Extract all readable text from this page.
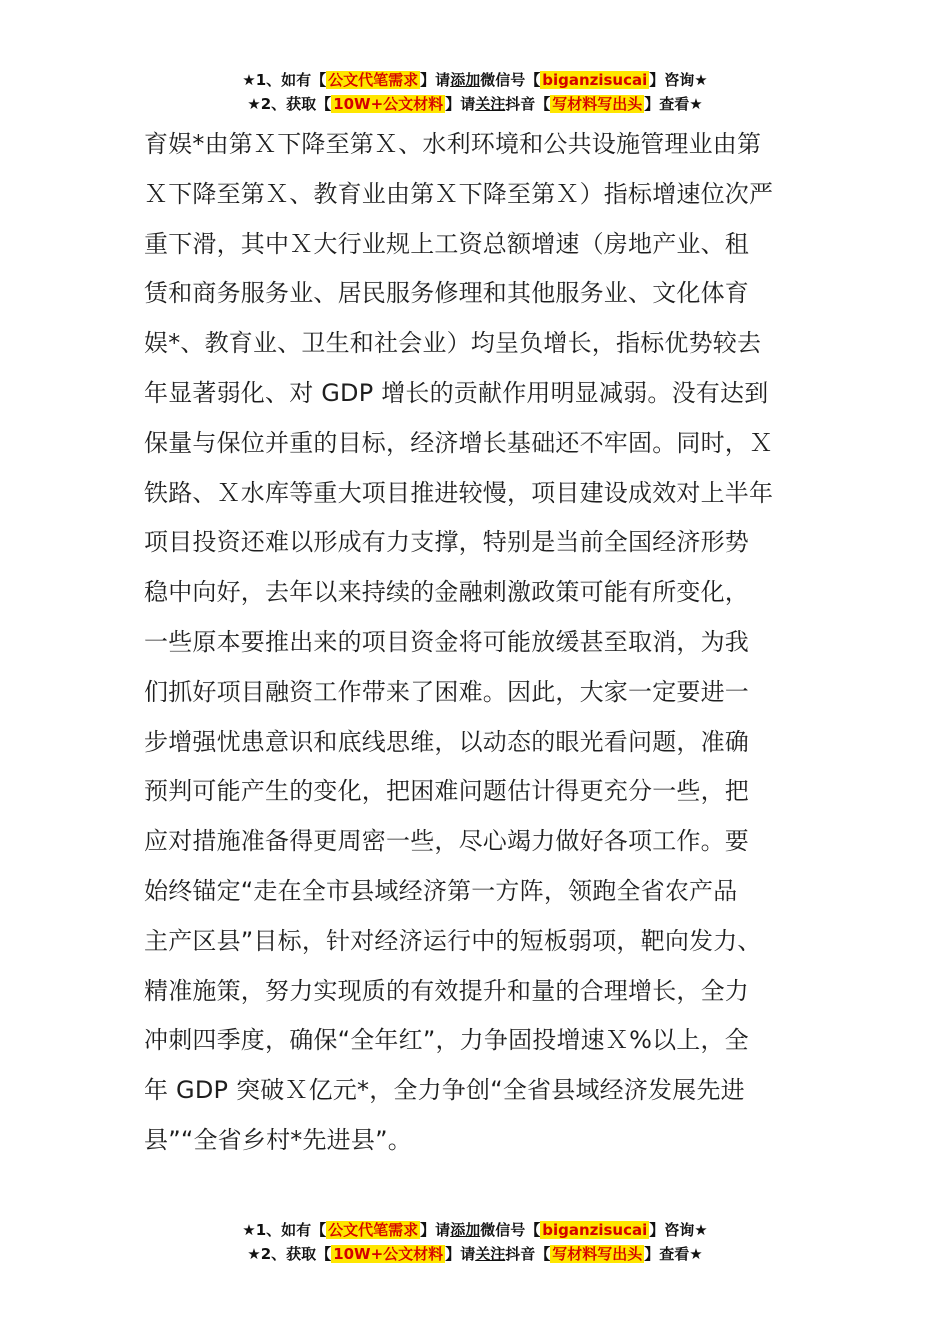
★1、如有【 公文代笔需求 】请添加微信号【 biganzisucai 】咨询★
★2、获取【 10W+公文材料 】请关注抖音【 写材料写出头 】查看★
育娱*由第Ｘ下降至第Ｘ、水利环境和公共设施管理业由第
Ｘ下降至第Ｘ、教育业由第Ｘ下降至第Ｘ）指标增速位次严
重下滑，其中Ｘ大行业规上工资总额增速（房地产业、租
赁和商务服务业、居民服务修理和其他服务业、文化体育
娱*、教育业、卫生和社会业）均呈负增长，指标优势较去
年显著弱化、对 GDP 增长的贡献作用明显减弱。没有达到
保量与保位并重的目标，经济增长基础还不牢固。同时，Ｘ
铁路、Ｘ水库等重大项目推进较慢，项目建设成效对上半年
项目投资还难以形成有力支撑，特别是当前全国经济形势
稳中向好，去年以来持续的金融刺激政策可能有所变化，
一些原本要推出来的项目资金将可能放缓甚至取消，为我
们抓好项目融资工作带来了困难。因此，大家一定要进一
步增强忧患意识和底线思维，以动态的眼光看问题，准确
预判可能产生的变化，把困难问题估计得更充分一些，把
应对措施准备得更周密一些，尽心竭力做好各项工作。要
始终锚定“走在全市县域经济第一方阵，领跑全省农产品
主产区县”目标，针对经济运行中的短板弱项，靶向发力、
精准施策，努力实现质的有效提升和量的合理增长，全力
冲刺四季度，确保“全年红”，力争固投增速Ｘ%以上，全
年 GDP 突破Ｘ亿元*，全力争创“全省县域经济发展先进
县”“全省乡村*先进县”。
★1、如有【 公文代笔需求 】请添加微信号【 biganzisucai 】咨询★
★2、获取【 10W+公文材料 】请关注抖音【 写材料写出头 】查看★
